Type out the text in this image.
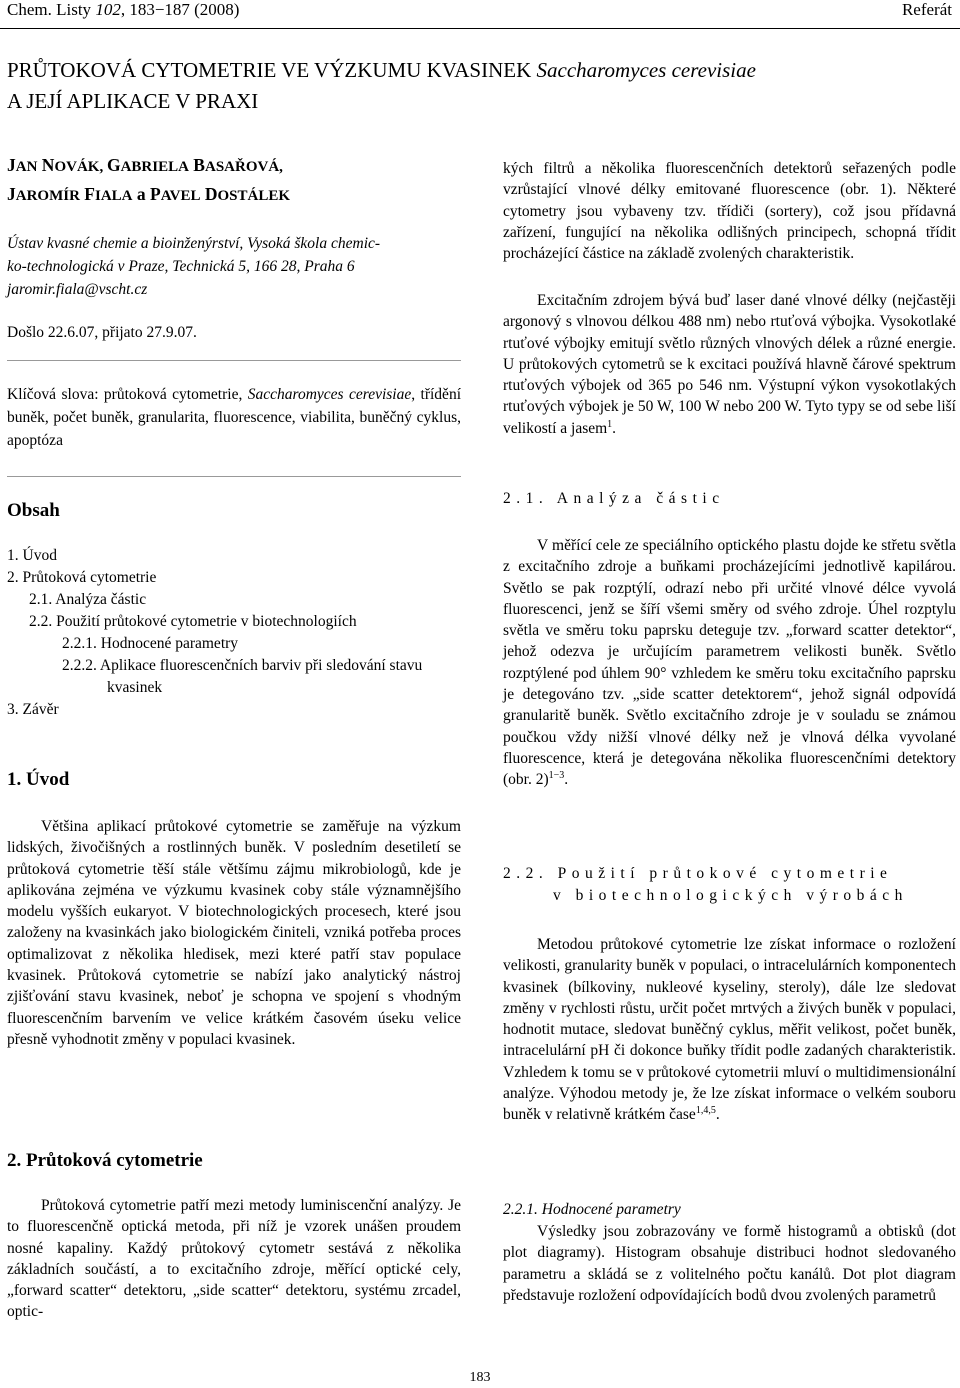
Chem. Listy 102, 183−187 (2008)	Referát
PRŮTOKOVÁ CYTOMETRIE VE VÝZKUMU KVASINEK Saccharomyces cerevisiae
A JEJÍ APLIKACE V PRAXI
JAN NOVÁK, GABRIELA BASAŘOVÁ,
JAROMÍR FIALA a PAVEL DOSTÁLEK
Ústav kvasné chemie a bioinženýrství, Vysoká škola chemic-
ko-technologická v Praze, Technická 5, 166 28, Praha 6
jaromir.fiala@vscht.cz
Došlo 22.6.07, přijato 27.9.07.
Klíčová slova: průtoková cytometrie, Saccharomyces cerevisiae, třídění buněk, počet buněk, granularita, fluorescence, viabilita, buněčný cyklus, apoptóza
Obsah
1. Úvod
2. Průtoková cytometrie
2.1. Analýza částic
2.2. Použití průtokové cytometrie v biotechnologiích
2.2.1. Hodnocené parametry
2.2.2. Aplikace fluorescenčních barviv při sledování stavu kvasinek
3. Závěr
1. Úvod
Většina aplikací průtokové cytometrie se zaměřuje na výzkum lidských, živočišných a rostlinných buněk. V posledním desetiletí se průtoková cytometrie těší stále většímu zájmu mikrobiologů, kde je aplikována zejména ve výzkumu kvasinek coby stále významnějšího modelu vyšších eukaryot. V biotechnologických procesech, které jsou založeny na kvasinkách jako biologickém činiteli, vzniká potřeba proces optimalizovat z několika hledisek, mezi které patří stav populace kvasinek. Průtoková cytometrie se nabízí jako analytický nástroj zjišťování stavu kvasinek, neboť je schopna ve spojení s vhodným fluorescenčním barvením ve velice krátkém časovém úseku velice přesně vyhodnotit změny v populaci kvasinek.
2. Průtoková cytometrie
Průtoková cytometrie patří mezi metody luminiscenční analýzy. Je to fluorescenčně optická metoda, při níž je vzorek unášen proudem nosné kapaliny. Každý průtokový cytometr sestává z několika základních součástí, a to excitačního zdroje, měřící optické cely, „forward scatter“ detektoru, „side scatter“ detektoru, systému zrcadel, optic-
kých filtrů a několika fluorescenčních detektorů seřazených podle vzrůstající vlnové délky emitované fluorescence (obr. 1). Některé cytometry jsou vybaveny tzv. třídiči (sortery), což jsou přídavná zařízení, fungující na několika odlišných principech, schopná třídit procházející částice na základě zvolených charakteristik.
Excitačním zdrojem bývá buď laser dané vlnové délky (nejčastěji argonový s vlnovou délkou 488 nm) nebo rtuťová výbojka. Vysokotlaké rtuťové výbojky emitují světlo různých vlnových délek a různé energie. U průtokových cytometrů se k excitaci používá hlavně čárové spektrum rtuťových výbojek od 365 po 546 nm. Výstupní výkon vysokotlakých rtuťových výbojek je 50 W, 100 W nebo 200 W. Tyto typy se od sebe liší velikostí a jasem$^1$.
2.1. Analýza částic
V měřící cele ze speciálního optického plastu dojde ke střetu světla z excitačního zdroje a buňkami procházejícími jednotlivě kapilárou. Světlo se pak rozptýlí, odrazí nebo při určité vlnové délce vyvolá fluorescenci, jenž se šíří všemi směry od svého zdroje. Úhel rozptylu světla ve směru toku paprsku deteguje tzv. „forward scatter detektor“, jehož odezva je určujícím parametrem velikosti buněk. Světlo rozptýlené pod úhlem 90° vzhledem ke směru toku excitačního paprsku je detegováno tzv. „side scatter detektorem“, jehož signál odpovídá granularitě buněk. Světlo excitačního zdroje je v souladu se známou poučkou vždy nižší vlnové délky než je vlnová délka vyvolané fluorescence, která je detegována několika fluorescenčními detektory (obr. 2)$^{1-3}$.
2.2. Použití průtokové cytometrie
v biotechnologických výrobách
Metodou průtokové cytometrie lze získat informace o rozložení velikosti, granularity buněk v populaci, o intracelulárních komponentech kvasinek (bílkoviny, nukleové kyseliny, steroly), dále lze sledovat změny v rychlosti růstu, určit počet mrtvých a živých buněk v populaci, hodnotit mutace, sledovat buněčný cyklus, měřit velikost, počet buněk, intracelulární pH či dokonce buňky třídit podle zadaných charakteristik. Vzhledem k tomu se v průtokové cytometrii mluví o multidimensionální analýze. Výhodou metody je, že lze získat informace o velkém souboru buněk v relativně krátkém čase$^{1,4,5}$.
2.2.1. Hodnocené parametry
Výsledky jsou zobrazovány ve formě histogramů a obtisků (dot plot diagramy). Histogram obsahuje distribuci hodnot sledovaného parametru a skládá se z volitelného počtu kanálů. Dot plot diagram představuje rozložení odpovídajících bodů dvou zvolených parametrů
183
